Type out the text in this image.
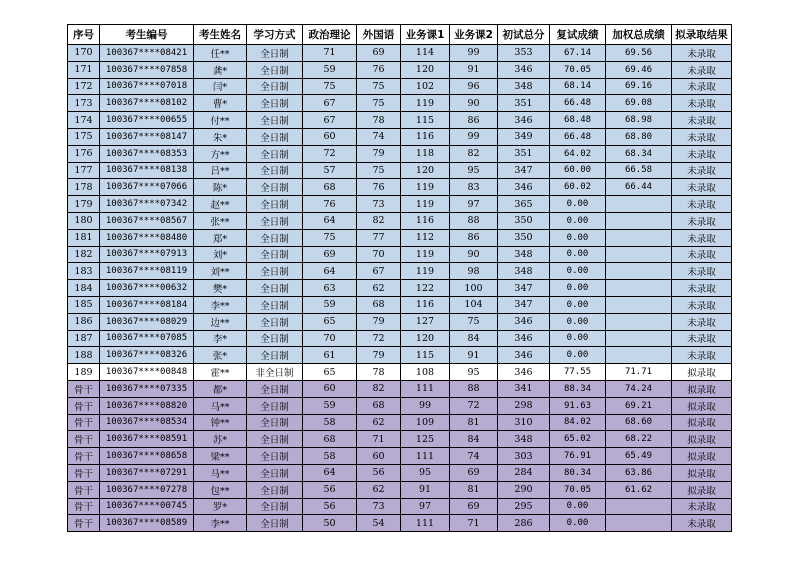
序号	考生编号	考生姓名	学习方式	政治理论	外国语	业务课1	业务课2	初试总分	复试成绩	加权总成绩	拟录取结果
170	100367****08421	任**	全日制	71	69	114	99	353	67.14	69.56	未录取
171	100367****07858	龚*	全日制	59	76	120	91	346	70.05	69.46	未录取
172	100367****07018	闫*	全日制	75	75	102	96	348	68.14	69.16	未录取
173	100367****08102	曹*	全日制	67	75	119	90	351	66.48	69.08	未录取
174	100367****00655	付**	全日制	67	78	115	86	346	68.48	68.98	未录取
175	100367****08147	朱*	全日制	60	74	116	99	349	66.48	68.80	未录取
176	100367****08353	方**	全日制	72	79	118	82	351	64.02	68.34	未录取
177	100367****08138	吕**	全日制	57	75	120	95	347	60.00	66.58	未录取
178	100367****07066	陈*	全日制	68	76	119	83	346	60.02	66.44	未录取
179	100367****07342	赵**	全日制	76	73	119	97	365	0.00		未录取
180	100367****08567	张**	全日制	64	82	116	88	350	0.00		未录取
181	100367****08480	郑*	全日制	75	77	112	86	350	0.00		未录取
182	100367****07913	刘*	全日制	69	70	119	90	348	0.00		未录取
183	100367****08119	刘**	全日制	64	67	119	98	348	0.00		未录取
184	100367****00632	樊*	全日制	63	62	122	100	347	0.00		未录取
185	100367****08184	李**	全日制	59	68	116	104	347	0.00		未录取
186	100367****08029	边**	全日制	65	79	127	75	346	0.00		未录取
187	100367****07085	李*	全日制	70	72	120	84	346	0.00		未录取
188	100367****08326	张*	全日制	61	79	115	91	346	0.00		未录取
189	100367****00848	霍**	非全日制	65	78	108	95	346	77.55	71.71	拟录取
骨干	100367****07335	都*	全日制	60	82	111	88	341	88.34	74.24	拟录取
骨干	100367****08820	马**	全日制	59	68	99	72	298	91.63	69.21	拟录取
骨干	100367****08534	钟**	全日制	58	62	109	81	310	84.02	68.60	拟录取
骨干	100367****08591	苏*	全日制	68	71	125	84	348	65.02	68.22	拟录取
骨干	100367****08658	梁**	全日制	58	60	111	74	303	76.91	65.49	拟录取
骨干	100367****07291	马**	全日制	64	56	95	69	284	80.34	63.86	拟录取
骨干	100367****07278	包**	全日制	56	62	91	81	290	70.05	61.62	拟录取
骨干	100367****00745	罗*	全日制	56	73	97	69	295	0.00		未录取
骨干	100367****08589	李**	全日制	50	54	111	71	286	0.00		未录取
